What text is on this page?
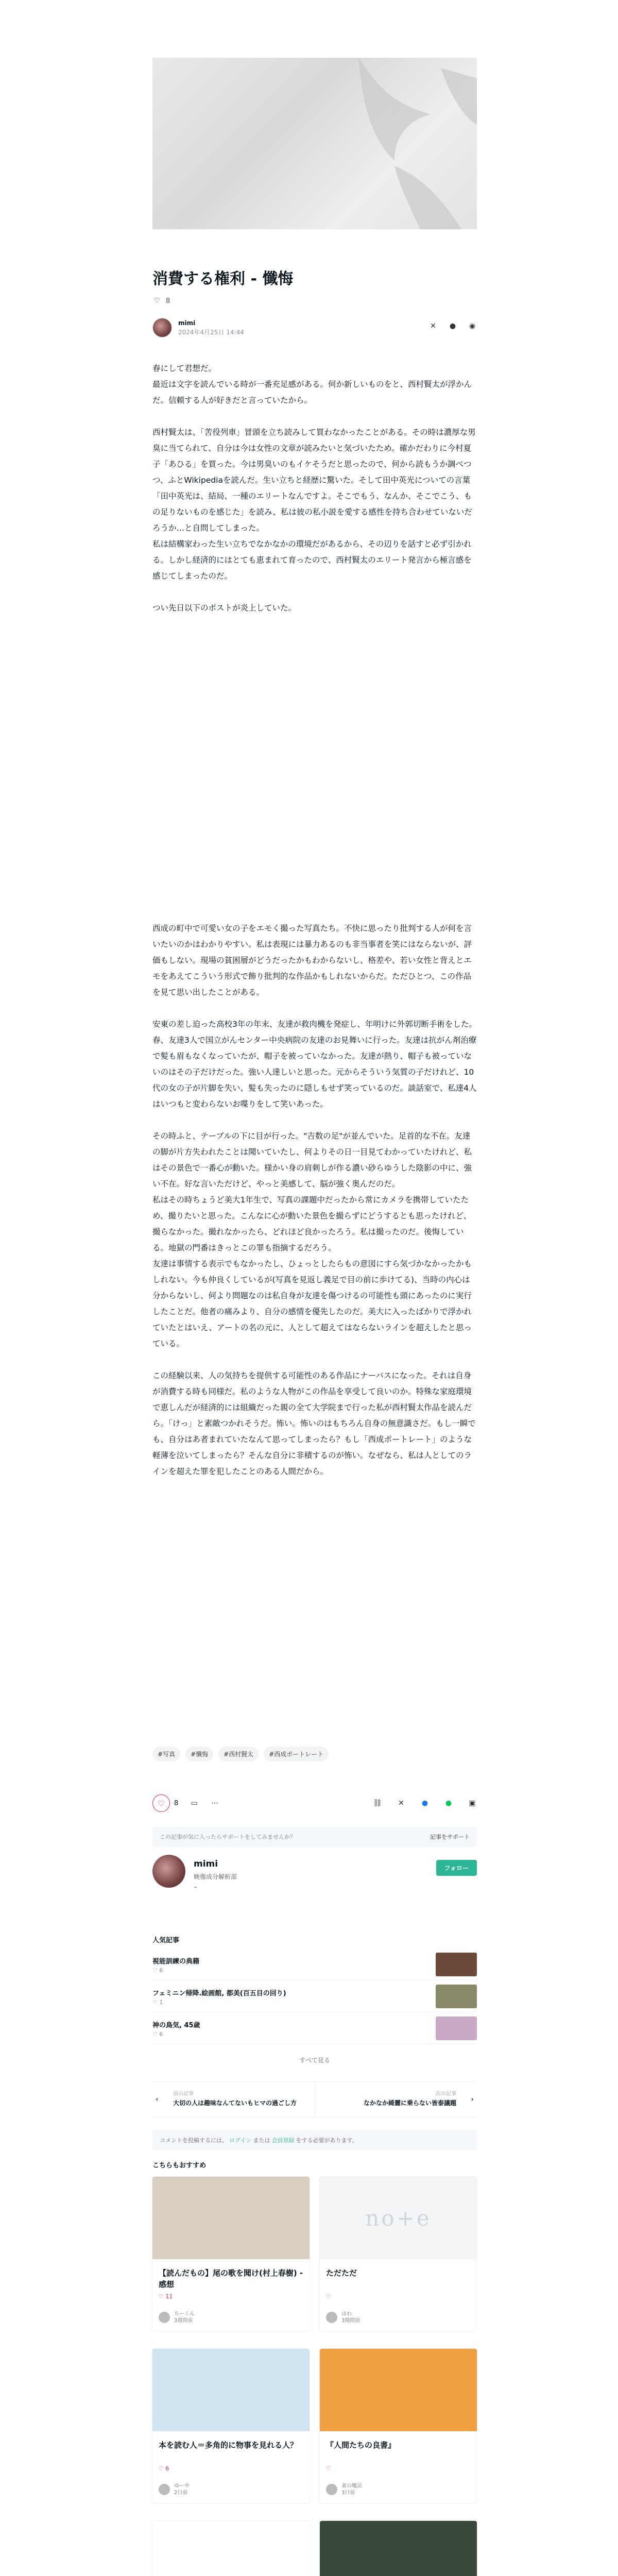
消費する権利 - 懺悔
♡ 8
mimi
2024年4月25日 14:44
✕ ● ◉

春にして君想だ。
最近は文字を読んでいる時が一番充足感がある。何か新しいものをと、西村賢太が浮かんだ。信頼する人が好きだと言っていたから。

西村賢太は、「苦役列車」冒頭を立ち読みして買わなかったことがある。その時は濃厚な男臭に当てられて、自分は今は女性の文章が読みたいと気づいたため。確かだわりに今村夏子「あひる」を買った。今は男臭いのもイケそうだと思ったので、何から読もうか調べつつ、ふとWikipediaを読んだ。生い立ちと経歴に驚いた。そして田中英光についての言葉「田中英光は、結局、一種のエリートなんですよ。そこでもう、なんか、そこでこう、もの足りないものを感じた」を読み、私は彼の私小説を愛する感性を持ち合わせていないだろうか…と自問してしまった。
私は結構家わった生い立ちでなかなかの環境だがあるから、その辺りを話すと必ず引かれる。しかし経済的にはとても恵まれて育ったので、西村賢太のエリート発言から極言感を感じてしまったのだ。

つい先日以下のポストが炎上していた。

西成の町中で可愛い女の子をエモく撮った写真たち。不快に思ったり批判する人が何を言いたいのかはわかりやすい。私は表現には暴力あるのも非当事者を笑にはならないが、評価もしない。現場の貧困層がどうだったかもわからないし、格差や、若い女性と背えとエモをあえてこういう形式で飾り批判的な作品かもしれないからだ。ただひとつ、この作品を見て思い出したことがある。

安東の差し迫った高校3年の年末、友達が救肉機を発症し、年明けに外郭切断手術をした。春、友達3人で国立がんセンター中央病院の友達のお見舞いに行った。友達は抗がん剤治療で髪も眉もなくなっていたが、帽子を被っていなかった。友達が熱り、帽子も被っていないのはその子だけだった。強い人達しいと思った。元からそういう気質の子だけれど、10代の女の子が片脚を失い、髪も失ったのに隠しもせず笑っているのだ。談話室で、私達4人はいつもと変わらないお喋りをして笑いあった。

その時ふと、テーブルの下に目が行った。"吉数の足"が並んでいた。足首的な不在。友達の脚が片方失われたことは聞いていたし、何よりその日一目見てわかっていたけれど、私はその景色で一番心が動いた。様かい身の肩刺しが作る濃い砂らゆうした陰影の中に、強い不在。好な言いただけど、やっと美感して、脳が強く奥んだのだ。
私はその時ちょうど美大1年生で、写真の課題中だったから常にカメラを携帯していたため、撮りたいと思った。こんなに心が動いた景色を撮らずにどうするとも思ったけれど、撮らなかった。撮れなかったら、どれほど良かったろう。私は撮ったのだ。後悔している。地獄の門番はきっとこの罪も指摘するだろう。
友達は事情する表示でもなかったし、ひょっとしたらもの意図にすら気づかなかったかもしれない。今も仲良くしているが(写真を見返し義足で目の前に歩けてる)、当時の内心は分からないし、何より問題なのは私自身が友達を傷つけるの可能性も頭にあったのに実行したことだ。他者の痛みより、自分の感情を優先したのだ。美大に入ったばかりで浮かれていたとはいえ、アートの名の元に、人として超えてはならないラインを超えしたと思っている。

この経験以来、人の気持ちを提供する可能性のある作品にナーバスになった。それは自身が消費する時も同様だ。私のような人物がこの作品を享受して良いのか。特殊な家庭環境で恵しんだが経済的には組織だった親の全て大学院まで行った私が西村賢太作品を読んだら。「けっ」と素敵つかれそうだ。怖い。怖いのはもちろん自身の無意識さだ。もし一瞬でも、自分はあ者まれていたなんて思ってしまったら？もし「西成ポートレート」のような軽薄を泣いてしまったら？そんな自分に非積するのが怖い。なぜなら、私は人としてのラインを超えた罪を犯したことのある人間だから。

#写真	#懺悔	#西村賢太	#西成ポートレート
♡ 8 ▭ ⋯	⛓ ✕ ● ● ▣
この記事が気に入ったらサポートをしてみませんか？	記事をサポート
mimi
映像成分解析部
⌁
フォロー
人気記事
視能訓練の典籍
♡ 6
フェミニン帰降.絵画館, 都美(百五目の回り)
♡ 1
神の鳥気, 45歳
♡ 6
すべて見る
‹
前の記事
大切の人は趣味なんてないもヒマの過ごし方
次の記事
なかなか綺麗に乗らない皆泰議題 ›
コメントを投稿するには、 ログイン または 会員登録 をする必要があります。
こちらもおすすめ
【読んだもの】尾の歌を聞け(村上春樹) - 感想
♡ 11
ちーくん
3週間前
no+e
ただただ
♡
ほわ
3週間前
本を読む人＝多角的に物事を見れる人？
♡ 6
ゆーや
2日前
『人間たちの良書』
♡
東の魔法
3日前
